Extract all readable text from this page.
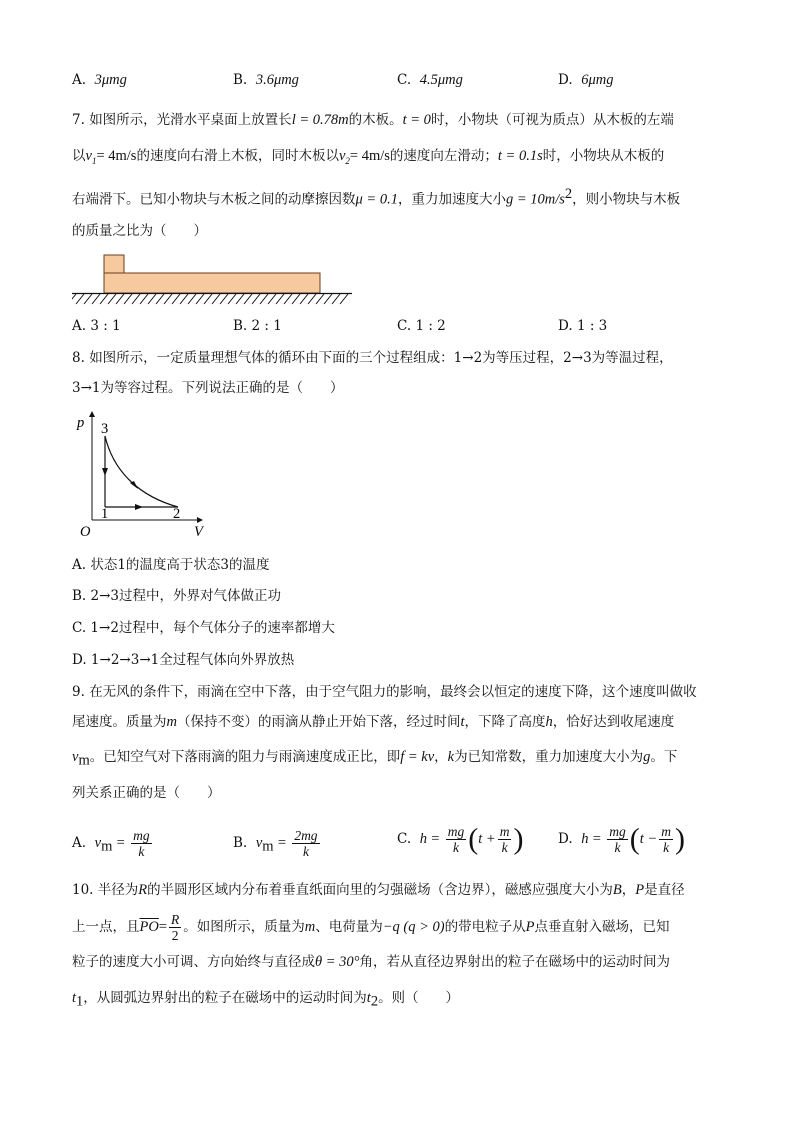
A. 3μmg	B. 3.6μmg	C. 4.5μmg	D. 6μmg
7. 如图所示，光滑水平桌面上放置长l = 0.78m的木板。t = 0时，小物块（可视为质点）从木板的左端
以$v_1= 4m/s$的速度向右滑上木板，同时木板以$v_2= 4m/s$的速度向左滑动；t = 0.1s时，小物块从木板的
右端滑下。已知小物块与木板之间的动摩擦因数μ = 0.1，重力加速度大小$g = 10m/s^2$，则小物块与木板
的质量之比为（　　）
A. 3 : 1	B. 2 : 1	C. 1 : 2	D. 1 : 3
8. 如图所示，一定质量理想气体的循环由下面的三个过程组成：1→2为等压过程，2→3为等温过程，
3→1为等容过程。下列说法正确的是（　　）
p
V
O
3
1	2
A. 状态1的温度高于状态3的温度
B. 2→3过程中，外界对气体做正功
C. 1→2过程中，每个气体分子的速率都增大
D. 1→2→3→1全过程气体向外界放热
9. 在无风的条件下，雨滴在空中下落，由于空气阻力的影响，最终会以恒定的速度下降，这个速度叫做收
尾速度。质量为m（保持不变）的雨滴从静止开始下落，经过时间t，下降了高度h，恰好达到收尾速度
$v_m$。已知空气对下落雨滴的阻力与雨滴速度成正比，即f = kv，k为已知常数，重力加速度大小为g。下
列关系正确的是（　　）
A. $v_m = \frac{mg}{k}$	B. $v_m = \frac{2mg}{k}$	C. $h = \frac{mg}{k} (t + \frac{m}{k}$ )	D. $h = \frac{mg}{k} (t - \frac{m}{k}$ )
10. 半径为R的半圆形区域内分布着垂直纸面向里的匀强磁场（含边界），磁感应强度大小为B，P是直径
上一点，且$\overline{PO}= \frac{R}{2}$ 。如图所示，质量为m、电荷量为−q (q > 0)的带电粒子从P点垂直射入磁场，已知
粒子的速度大小可调、方向始终与直径成θ = 30°角，若从直径边界射出的粒子在磁场中的运动时间为
$t_1$，从圆弧边界射出的粒子在磁场中的运动时间为$t_2$。则（　　）
